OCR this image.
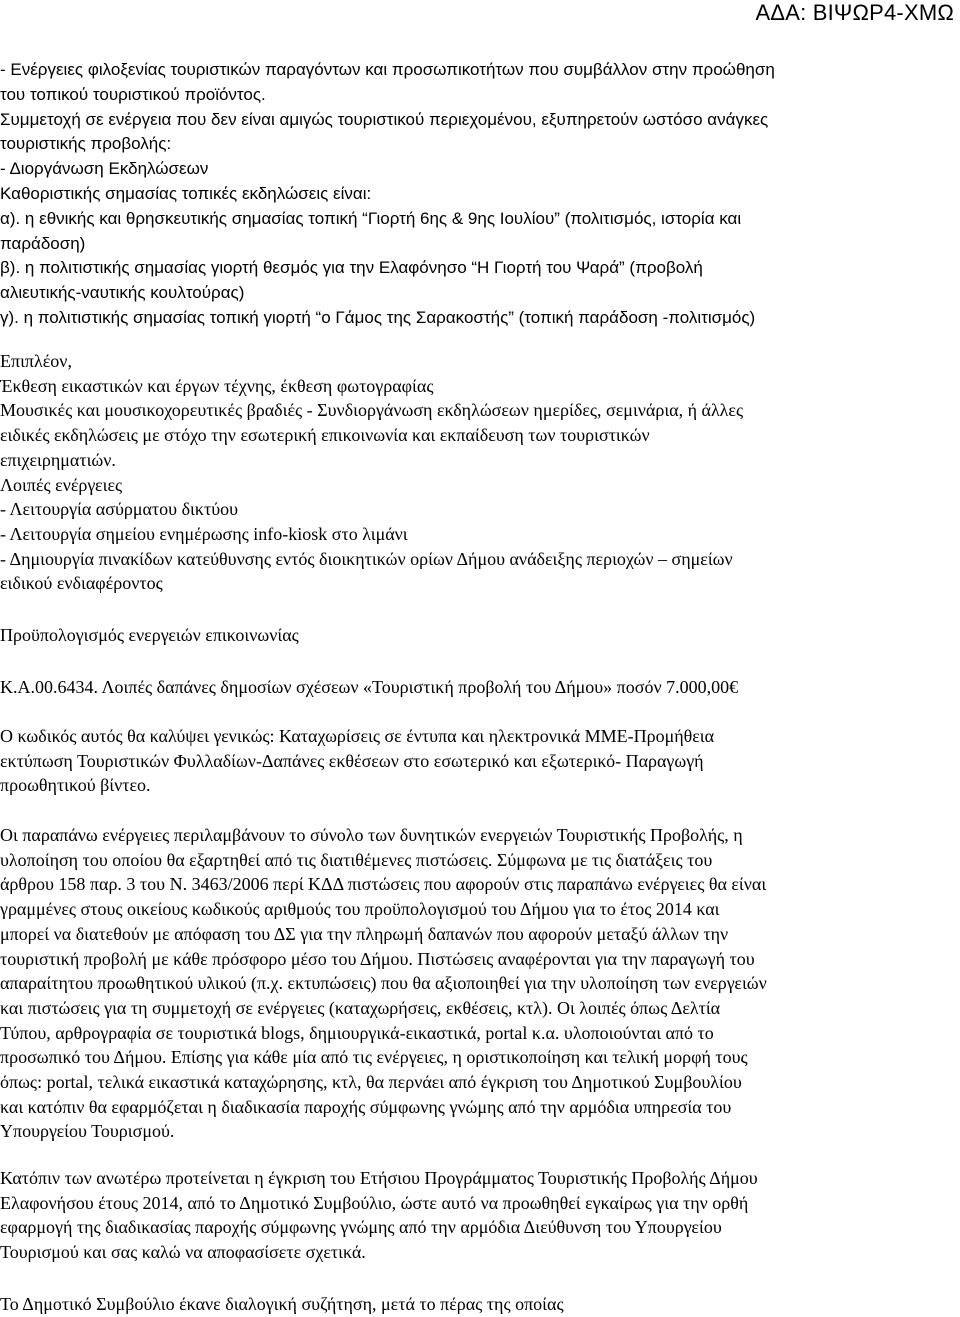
ΑΔΑ: ΒΙΨΩΡ4-ΧΜΩ
- Ενέργειες φιλοξενίας τουριστικών παραγόντων και προσωπικοτήτων που συμβάλλον στην προώθηση
του τοπικού τουριστικού προϊόντος.
Συμμετοχή σε ενέργεια που δεν είναι αμιγώς τουριστικού περιεχομένου, εξυπηρετούν ωστόσο ανάγκες
τουριστικής προβολής:
- Διοργάνωση Εκδηλώσεων
Καθοριστικής σημασίας τοπικές εκδηλώσεις είναι:
α). η εθνικής και θρησκευτικής σημασίας τοπική “Γιορτή 6ης & 9ης Ιουλίου” (πολιτισμός, ιστορία και
παράδοση)
β). η πολιτιστικής σημασίας γιορτή θεσμός για την Ελαφόνησο “Η Γιορτή του Ψαρά” (προβολή
αλιευτικής-ναυτικής κουλτούρας)
γ). η πολιτιστικής σημασίας τοπική γιορτή “ο Γάμος της Σαρακοστής” (τοπική παράδοση -πολιτισμός)
Επιπλέον,
Έκθεση εικαστικών και έργων τέχνης, έκθεση φωτογραφίας
Μουσικές και μουσικοχορευτικές βραδιές - Συνδιοργάνωση εκδηλώσεων ημερίδες, σεμινάρια, ή άλλες
ειδικές εκδηλώσεις με στόχο την εσωτερική επικοινωνία και εκπαίδευση των τουριστικών
επιχειρηματιών.
Λοιπές ενέργειες
- Λειτουργία ασύρματου δικτύου
- Λειτουργία σημείου ενημέρωσης info-kiosk στο λιμάνι
- Δημιουργία πινακίδων κατεύθυνσης εντός διοικητικών ορίων Δήμου ανάδειξης περιοχών – σημείων
ειδικού ενδιαφέροντος
Προϋπολογισμός ενεργειών επικοινωνίας
Κ.Α.00.6434. Λοιπές δαπάνες δημοσίων σχέσεων «Τουριστική προβολή του Δήμου» ποσόν 7.000,00€
Ο κωδικός αυτός θα καλύψει γενικώς: Καταχωρίσεις σε έντυπα και ηλεκτρονικά ΜΜΕ-Προμήθεια
εκτύπωση Τουριστικών Φυλλαδίων-Δαπάνες εκθέσεων στο εσωτερικό και εξωτερικό- Παραγωγή
προωθητικού βίντεο.
Οι παραπάνω ενέργειες περιλαμβάνουν το σύνολο των δυνητικών ενεργειών Τουριστικής Προβολής, η
υλοποίηση του οποίου θα εξαρτηθεί από τις διατιθέμενες πιστώσεις. Σύμφωνα με τις διατάξεις του
άρθρου 158 παρ. 3 του Ν. 3463/2006 περί ΚΔΔ πιστώσεις που αφορούν στις παραπάνω ενέργειες θα είναι
γραμμένες στους οικείους κωδικούς αριθμούς του προϋπολογισμού του Δήμου για το έτος 2014 και
μπορεί να διατεθούν με απόφαση του ΔΣ για την πληρωμή δαπανών που αφορούν μεταξύ άλλων την
τουριστική προβολή με κάθε πρόσφορο μέσο του Δήμου. Πιστώσεις αναφέρονται για την παραγωγή του
απαραίτητου προωθητικού υλικού (π.χ. εκτυπώσεις) που θα αξιοποιηθεί για την υλοποίηση των ενεργειών
και πιστώσεις για τη συμμετοχή σε ενέργειες (καταχωρήσεις, εκθέσεις, κτλ). Οι λοιπές όπως Δελτία
Τύπου, αρθρογραφία σε τουριστικά blogs, δημιουργικά-εικαστικά, portal κ.α. υλοποιούνται από το
προσωπικό του Δήμου. Επίσης για κάθε μία από τις ενέργειες, η οριστικοποίηση και τελική μορφή τους
όπως: portal, τελικά εικαστικά καταχώρησης, κτλ, θα περνάει από έγκριση του Δημοτικού Συμβουλίου
και κατόπιν θα εφαρμόζεται η διαδικασία παροχής σύμφωνης γνώμης από την αρμόδια υπηρεσία του
Υπουργείου Τουρισμού.
Κατόπιν των ανωτέρω προτείνεται η έγκριση του Ετήσιου Προγράμματος Τουριστικής Προβολής Δήμου
Ελαφονήσου έτους 2014, από το Δημοτικό Συμβούλιο, ώστε αυτό να προωθηθεί εγκαίρως για την ορθή
εφαρμογή της διαδικασίας παροχής σύμφωνης γνώμης από την αρμόδια Διεύθυνση του Υπουργείου
Τουρισμού και σας καλώ να αποφασίσετε σχετικά.
Το Δημοτικό Συμβούλιο έκανε διαλογική συζήτηση, μετά το πέρας της οποίας
